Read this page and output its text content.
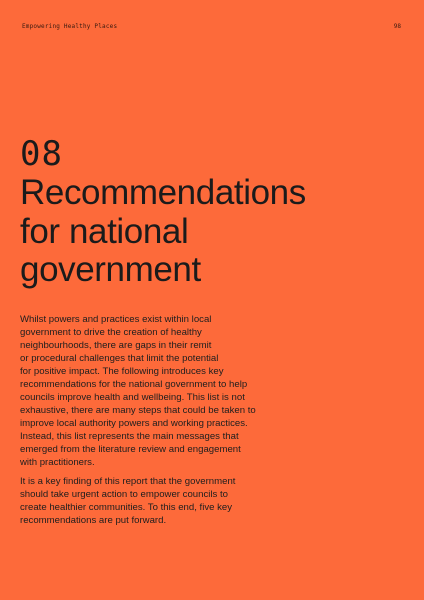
Empowering Healthy Places	98
08
Recommendations
for national
government

Whilst powers and practices exist within local
government to drive the creation of healthy
neighbourhoods, there are gaps in their remit
or procedural challenges that limit the potential
for positive impact. The following introduces key
recommendations for the national government to help
councils improve health and wellbeing. This list is not
exhaustive, there are many steps that could be taken to
improve local authority powers and working practices.
Instead, this list represents the main messages that
emerged from the literature review and engagement
with practitioners.

It is a key finding of this report that the government
should take urgent action to empower councils to
create healthier communities. To this end, five key
recommendations are put forward.
